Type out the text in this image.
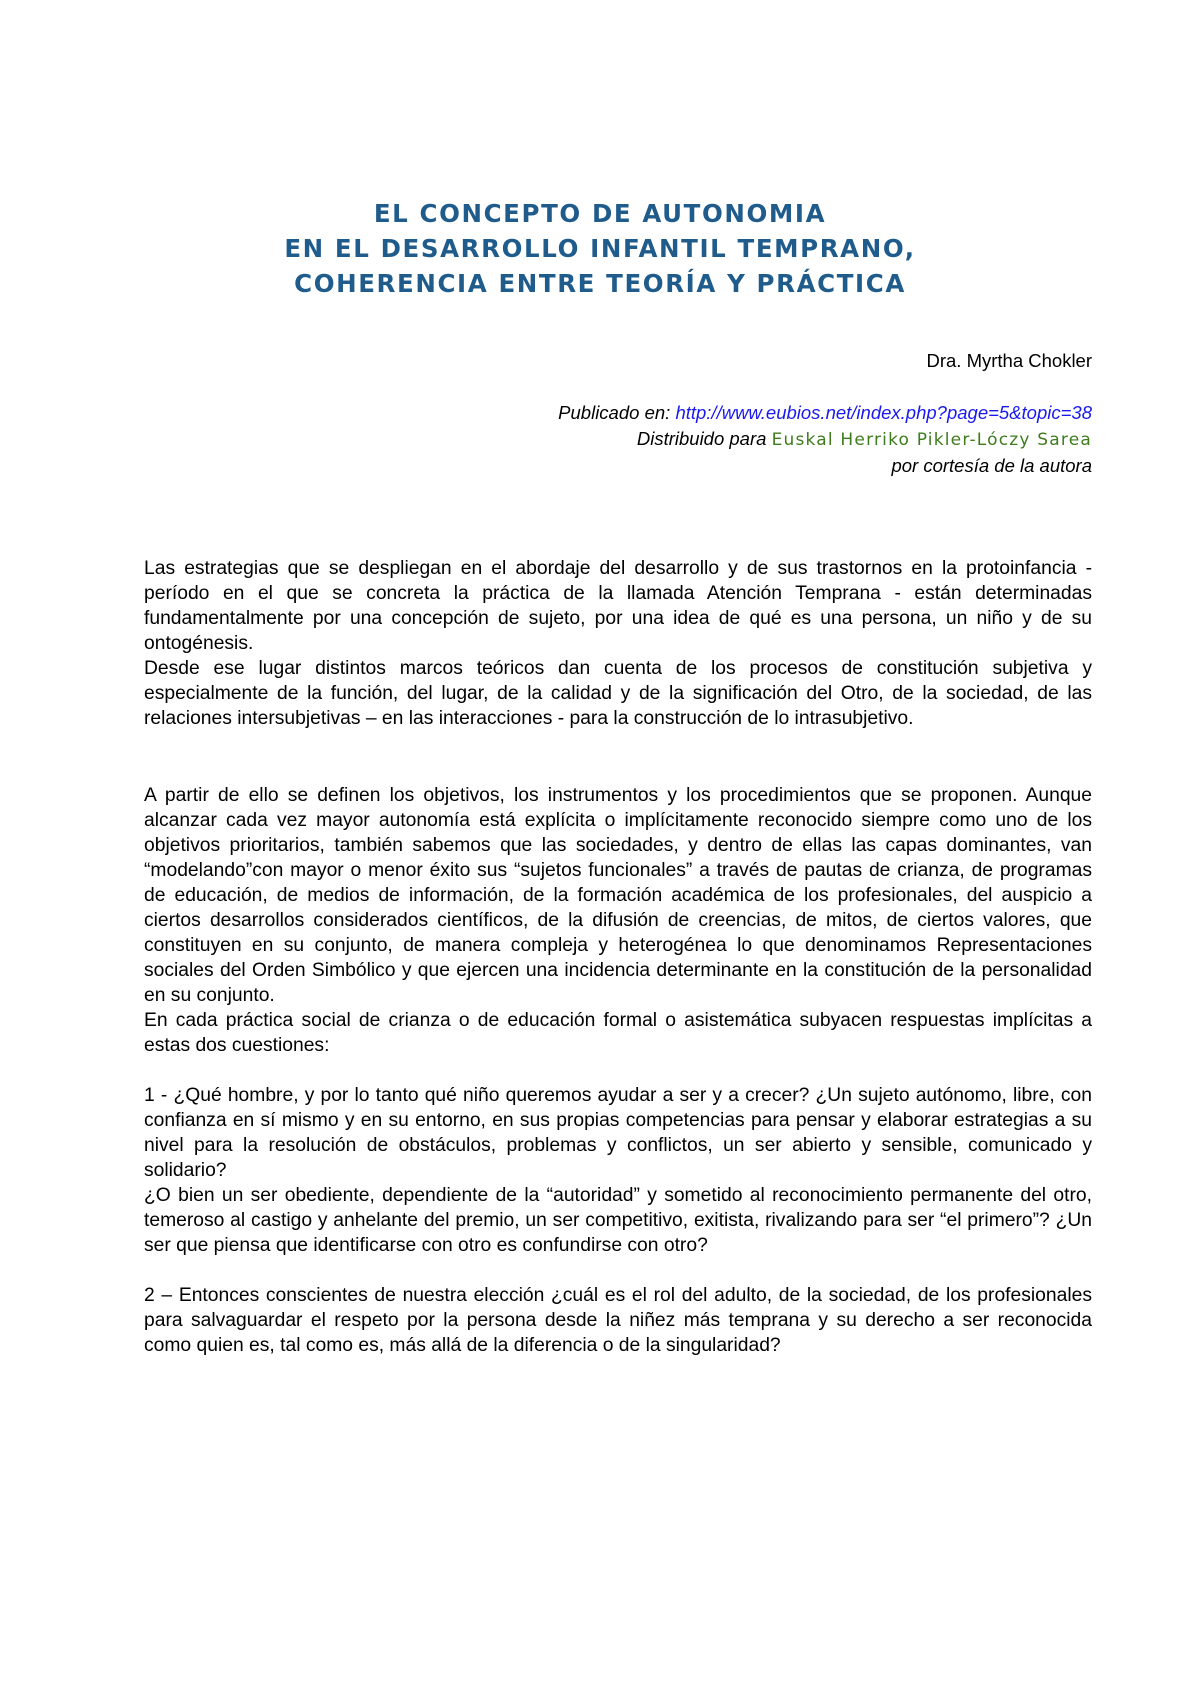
EL CONCEPTO DE AUTONOMIA
EN EL DESARROLLO INFANTIL TEMPRANO,
COHERENCIA ENTRE TEORÍA Y PRÁCTICA
Dra. Myrtha Chokler
Publicado en: http://www.eubios.net/index.php?page=5&topic=38
Distribuido para Euskal Herriko Pikler-Lóczy Sarea
por cortesía de la autora

Las estrategias que se despliegan en el abordaje del desarrollo y de sus trastornos en la protoinfancia - período en el que se concreta la práctica de la llamada Atención Temprana - están determinadas fundamentalmente por una concepción de sujeto, por una idea de qué es una persona, un niño y de su ontogénesis.

Desde ese lugar distintos marcos teóricos dan cuenta de los procesos de constitución subjetiva y especialmente de la función, del lugar, de la calidad y de la significación del Otro, de la sociedad, de las relaciones intersubjetivas – en las interacciones - para la construcción de lo intrasubjetivo.

A partir de ello se definen los objetivos, los instrumentos y los procedimientos que se proponen. Aunque alcanzar cada vez mayor autonomía está explícita o implícitamente reconocido siempre como uno de los objetivos prioritarios, también sabemos que las sociedades, y dentro de ellas las capas dominantes, van “modelando”con mayor o menor éxito sus “sujetos funcionales” a través de pautas de crianza, de programas de educación, de medios de información, de la formación académica de los profesionales, del auspicio a ciertos desarrollos considerados científicos, de la difusión de creencias, de mitos, de ciertos valores, que constituyen en su conjunto, de manera compleja y heterogénea lo que denominamos Representaciones sociales del Orden Simbólico y que ejercen una incidencia determinante en la constitución de la personalidad en su conjunto.

En cada práctica social de crianza o de educación formal o asistemática subyacen respuestas implícitas a estas dos cuestiones:

1 - ¿Qué hombre, y por lo tanto qué niño queremos ayudar a ser y a crecer? ¿Un sujeto autónomo, libre, con confianza en sí mismo y en su entorno, en sus propias competencias para pensar y elaborar estrategias a su nivel para la resolución de obstáculos, problemas y conflictos, un ser abierto y sensible, comunicado y solidario?

¿O bien un ser obediente, dependiente de la “autoridad” y sometido al reconocimiento permanente del otro, temeroso al castigo y anhelante del premio, un ser competitivo, exitista, rivalizando para ser “el primero”? ¿Un ser que piensa que identificarse con otro es confundirse con otro?

2 – Entonces conscientes de nuestra elección ¿cuál es el rol del adulto, de la sociedad, de los profesionales para salvaguardar el respeto por la persona desde la niñez más temprana y su derecho a ser reconocida como quien es, tal como es, más allá de la diferencia o de la singularidad?
